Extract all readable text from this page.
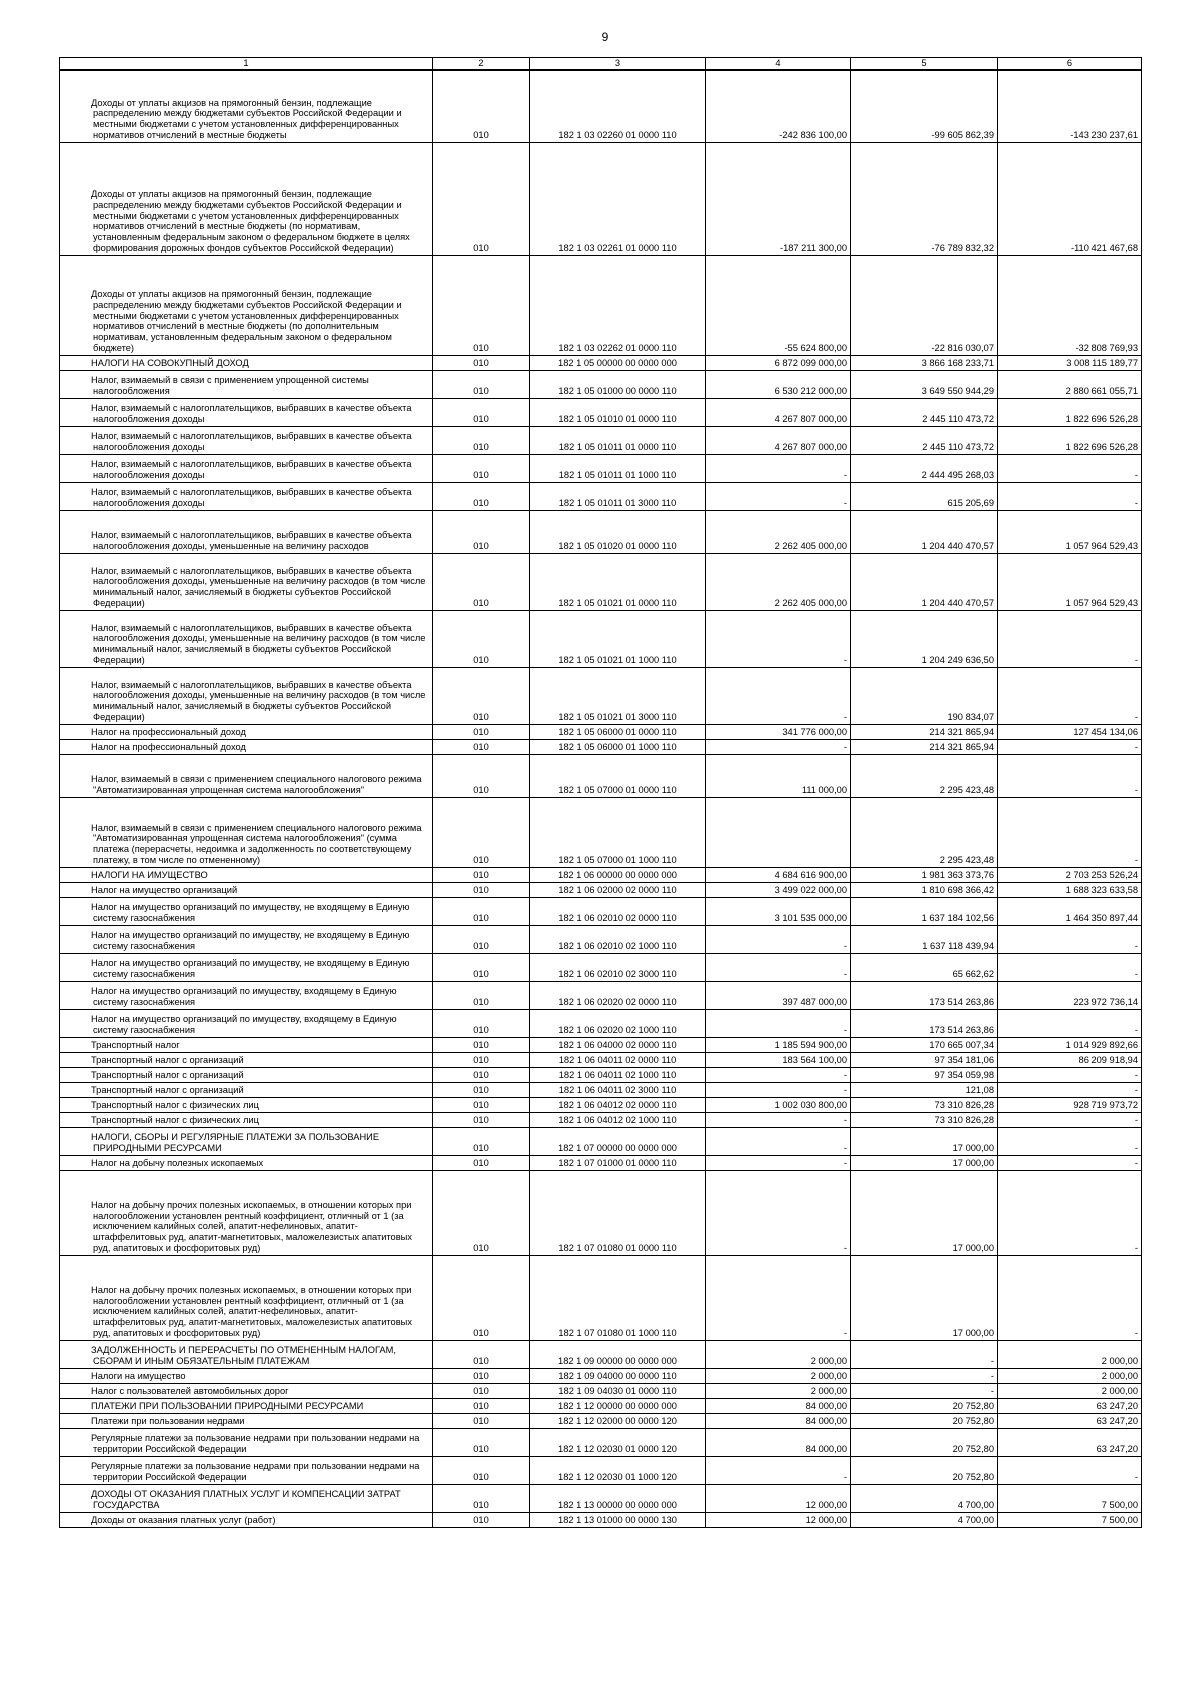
9
1	2	3	4	5	6
Доходы от уплаты акцизов на прямогонный бензин, подлежащие распределению между бюджетами субъектов Российской Федерации и местными бюджетами с учетом установленных дифференцированных нормативов отчислений в местные бюджеты	010	182 1 03 02260 01 0000 110	-242 836 100,00	-99 605 862,39	-143 230 237,61
Доходы от уплаты акцизов на прямогонный бензин, подлежащие распределению между бюджетами субъектов Российской Федерации и местными бюджетами с учетом установленных дифференцированных нормативов отчислений в местные бюджеты (по нормативам, установленным федеральным законом о федеральном бюджете в целях формирования дорожных фондов субъектов Российской Федерации)	010	182 1 03 02261 01 0000 110	-187 211 300,00	-76 789 832,32	-110 421 467,68
Доходы от уплаты акцизов на прямогонный бензин, подлежащие распределению между бюджетами субъектов Российской Федерации и местными бюджетами с учетом установленных дифференцированных нормативов отчислений в местные бюджеты (по дополнительным нормативам, установленным федеральным законом о федеральном бюджете)	010	182 1 03 02262 01 0000 110	-55 624 800,00	-22 816 030,07	-32 808 769,93
НАЛОГИ НА СОВОКУПНЫЙ ДОХОД	010	182 1 05 00000 00 0000 000	6 872 099 000,00	3 866 168 233,71	3 008 115 189,77
Налог, взимаемый в связи с применением упрощенной системы налогообложения	010	182 1 05 01000 00 0000 110	6 530 212 000,00	3 649 550 944,29	2 880 661 055,71
Налог, взимаемый с налогоплательщиков, выбравших в качестве объекта налогообложения доходы	010	182 1 05 01010 01 0000 110	4 267 807 000,00	2 445 110 473,72	1 822 696 526,28
Налог, взимаемый с налогоплательщиков, выбравших в качестве объекта налогообложения доходы	010	182 1 05 01011 01 0000 110	4 267 807 000,00	2 445 110 473,72	1 822 696 526,28
Налог, взимаемый с налогоплательщиков, выбравших в качестве объекта налогообложения доходы	010	182 1 05 01011 01 1000 110	-	2 444 495 268,03	-
Налог, взимаемый с налогоплательщиков, выбравших в качестве объекта налогообложения доходы	010	182 1 05 01011 01 3000 110	-	615 205,69	-
Налог, взимаемый с налогоплательщиков, выбравших в качестве объекта налогообложения доходы, уменьшенные на величину расходов	010	182 1 05 01020 01 0000 110	2 262 405 000,00	1 204 440 470,57	1 057 964 529,43
Налог, взимаемый с налогоплательщиков, выбравших в качестве объекта налогообложения доходы, уменьшенные на величину расходов (в том числе минимальный налог, зачисляемый в бюджеты субъектов Российской Федерации)	010	182 1 05 01021 01 0000 110	2 262 405 000,00	1 204 440 470,57	1 057 964 529,43
Налог, взимаемый с налогоплательщиков, выбравших в качестве объекта налогообложения доходы, уменьшенные на величину расходов (в том числе минимальный налог, зачисляемый в бюджеты субъектов Российской Федерации)	010	182 1 05 01021 01 1000 110	-	1 204 249 636,50	-
Налог, взимаемый с налогоплательщиков, выбравших в качестве объекта налогообложения доходы, уменьшенные на величину расходов (в том числе минимальный налог, зачисляемый в бюджеты субъектов Российской Федерации)	010	182 1 05 01021 01 3000 110	-	190 834,07	-
Налог на профессиональный доход	010	182 1 05 06000 01 0000 110	341 776 000,00	214 321 865,94	127 454 134,06
Налог на профессиональный доход	010	182 1 05 06000 01 1000 110	-	214 321 865,94	-
Налог, взимаемый в связи с применением специального налогового режима "Автоматизированная упрощенная система налогообложения"	010	182 1 05 07000 01 0000 110	111 000,00	2 295 423,48	-
Налог, взимаемый в связи с применением специального налогового режима "Автоматизированная упрощенная система налогообложения" (сумма платежа (перерасчеты, недоимка и задолженность по соответствующему платежу, в том числе по отмененному)	010	182 1 05 07000 01 1000 110		2 295 423,48	-
НАЛОГИ НА ИМУЩЕСТВО	010	182 1 06 00000 00 0000 000	4 684 616 900,00	1 981 363 373,76	2 703 253 526,24
Налог на имущество организаций	010	182 1 06 02000 02 0000 110	3 499 022 000,00	1 810 698 366,42	1 688 323 633,58
Налог на имущество организаций по имуществу, не входящему в Единую систему газоснабжения	010	182 1 06 02010 02 0000 110	3 101 535 000,00	1 637 184 102,56	1 464 350 897,44
Налог на имущество организаций по имуществу, не входящему в Единую систему газоснабжения	010	182 1 06 02010 02 1000 110	-	1 637 118 439,94	-
Налог на имущество организаций по имуществу, не входящему в Единую систему газоснабжения	010	182 1 06 02010 02 3000 110	-	65 662,62	-
Налог на имущество организаций по имуществу, входящему в Единую систему газоснабжения	010	182 1 06 02020 02 0000 110	397 487 000,00	173 514 263,86	223 972 736,14
Налог на имущество организаций по имуществу, входящему в Единую систему газоснабжения	010	182 1 06 02020 02 1000 110	-	173 514 263,86	-
Транспортный налог	010	182 1 06 04000 02 0000 110	1 185 594 900,00	170 665 007,34	1 014 929 892,66
Транспортный налог с организаций	010	182 1 06 04011 02 0000 110	183 564 100,00	97 354 181,06	86 209 918,94
Транспортный налог с организаций	010	182 1 06 04011 02 1000 110	-	97 354 059,98	-
Транспортный налог с организаций	010	182 1 06 04011 02 3000 110	-	121,08	-
Транспортный налог с физических лиц	010	182 1 06 04012 02 0000 110	1 002 030 800,00	73 310 826,28	928 719 973,72
Транспортный налог с физических лиц	010	182 1 06 04012 02 1000 110	-	73 310 826,28	-
НАЛОГИ, СБОРЫ И РЕГУЛЯРНЫЕ ПЛАТЕЖИ ЗА ПОЛЬЗОВАНИЕ ПРИРОДНЫМИ РЕСУРСАМИ	010	182 1 07 00000 00 0000 000	-	17 000,00	-
Налог на добычу полезных ископаемых	010	182 1 07 01000 01 0000 110	-	17 000,00	-
Налог на добычу прочих полезных ископаемых, в отношении которых при налогообложении установлен рентный коэффициент, отличный от 1 (за исключением калийных солей, апатит-нефелиновых, апатит-штаффелитовых руд, апатит-магнетитовых, маложелезистых апатитовых руд, апатитовых и фосфоритовых руд)	010	182 1 07 01080 01 0000 110	-	17 000,00	-
Налог на добычу прочих полезных ископаемых, в отношении которых при налогообложении установлен рентный коэффициент, отличный от 1 (за исключением калийных солей, апатит-нефелиновых, апатит-штаффелитовых руд, апатит-магнетитовых, маложелезистых апатитовых руд, апатитовых и фосфоритовых руд)	010	182 1 07 01080 01 1000 110	-	17 000,00	-
ЗАДОЛЖЕННОСТЬ И ПЕРЕРАСЧЕТЫ ПО ОТМЕНЕННЫМ НАЛОГАМ, СБОРАМ И ИНЫМ ОБЯЗАТЕЛЬНЫМ ПЛАТЕЖАМ	010	182 1 09 00000 00 0000 000	2 000,00	-	2 000,00
Налоги на имущество	010	182 1 09 04000 00 0000 110	2 000,00	-	2 000,00
Налог с пользователей автомобильных дорог	010	182 1 09 04030 01 0000 110	2 000,00	-	2 000,00
ПЛАТЕЖИ ПРИ ПОЛЬЗОВАНИИ ПРИРОДНЫМИ РЕСУРСАМИ	010	182 1 12 00000 00 0000 000	84 000,00	20 752,80	63 247,20
Платежи при пользовании недрами	010	182 1 12 02000 00 0000 120	84 000,00	20 752,80	63 247,20
Регулярные платежи за пользование недрами при пользовании недрами на территории Российской Федерации	010	182 1 12 02030 01 0000 120	84 000,00	20 752,80	63 247,20
Регулярные платежи за пользование недрами при пользовании недрами на территории Российской Федерации	010	182 1 12 02030 01 1000 120	-	20 752,80	-
ДОХОДЫ ОТ ОКАЗАНИЯ ПЛАТНЫХ УСЛУГ И КОМПЕНСАЦИИ ЗАТРАТ ГОСУДАРСТВА	010	182 1 13 00000 00 0000 000	12 000,00	4 700,00	7 500,00
Доходы от оказания платных услуг (работ)	010	182 1 13 01000 00 0000 130	12 000,00	4 700,00	7 500,00
